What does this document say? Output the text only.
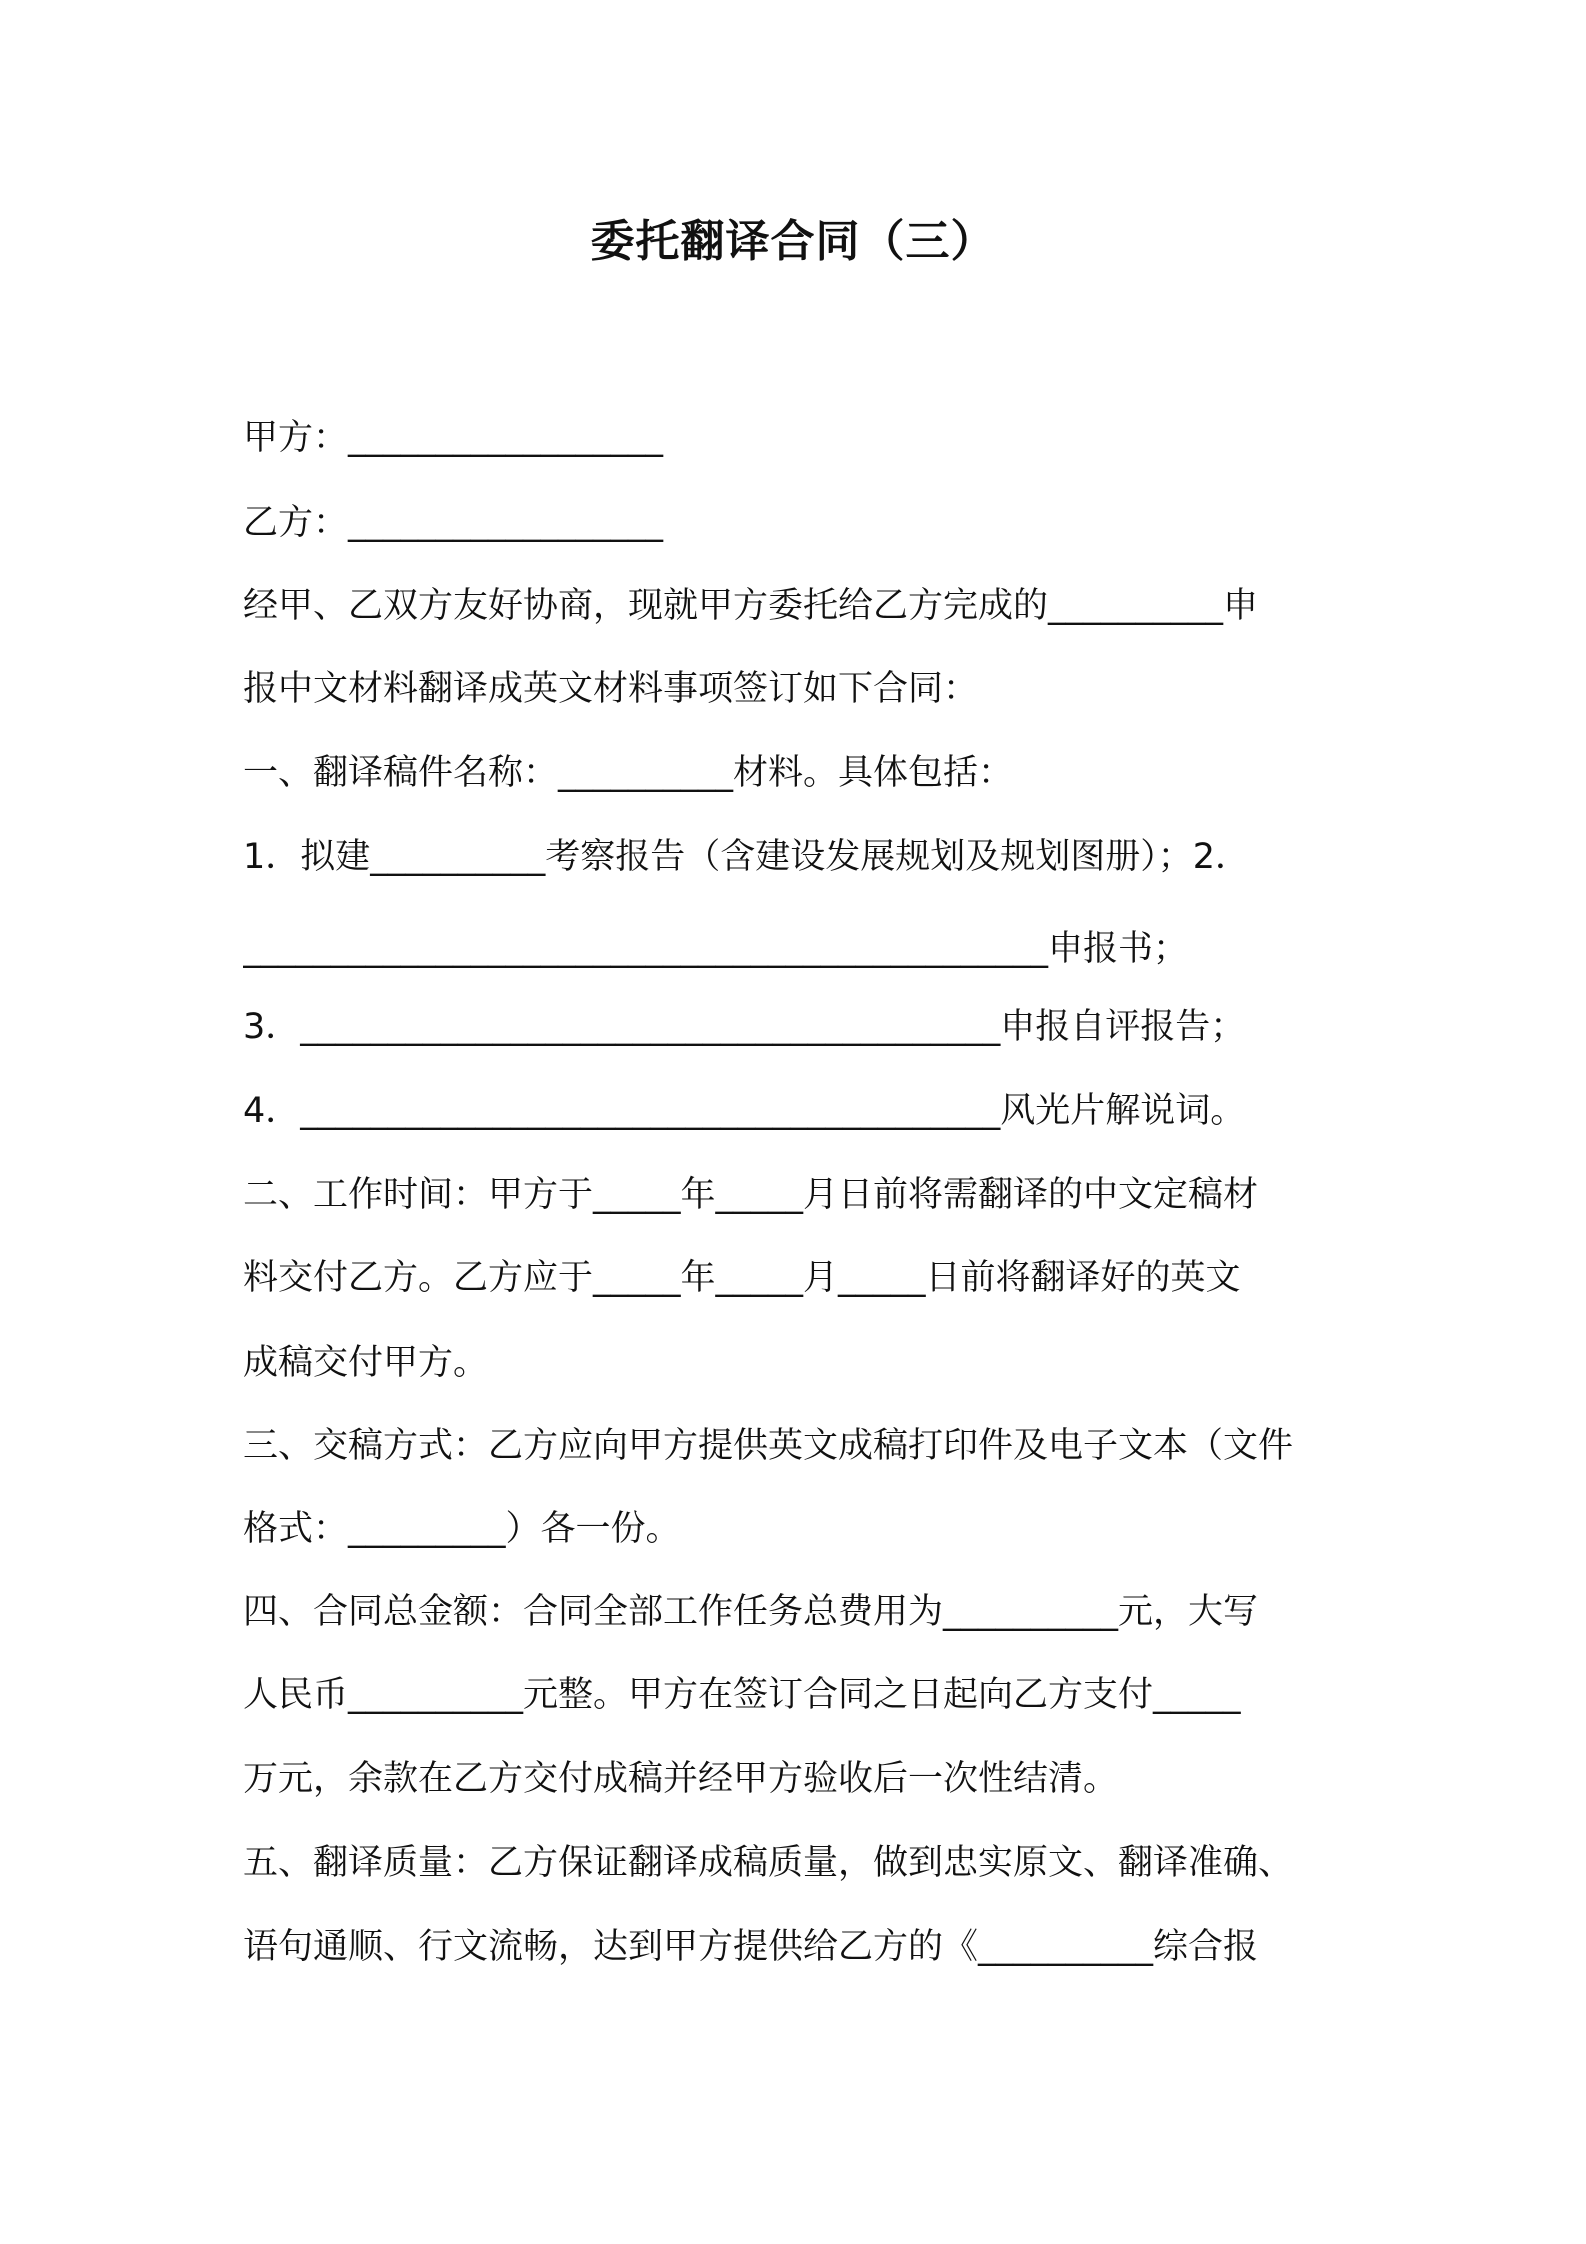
委托翻译合同（三）
甲方：__________________
乙方：__________________
经甲、乙双方友好协商，现就甲方委托给乙方完成的__________申
报中文材料翻译成英文材料事项签订如下合同：
一、翻译稿件名称：__________材料。具体包括：
1．拟建__________考察报告（含建设发展规划及规划图册）；2．
______________________________________________申报书；
3．________________________________________申报自评报告；
4．________________________________________风光片解说词。
二、工作时间：甲方于_____年_____月日前将需翻译的中文定稿材
料交付乙方。乙方应于_____年_____月_____日前将翻译好的英文
成稿交付甲方。
三、交稿方式：乙方应向甲方提供英文成稿打印件及电子文本（文件
格式：_________）各一份。
四、合同总金额：合同全部工作任务总费用为__________元，大写
人民币__________元整。甲方在签订合同之日起向乙方支付_____
万元，余款在乙方交付成稿并经甲方验收后一次性结清。
五、翻译质量：乙方保证翻译成稿质量，做到忠实原文、翻译准确、
语句通顺、行文流畅，达到甲方提供给乙方的《__________综合报
